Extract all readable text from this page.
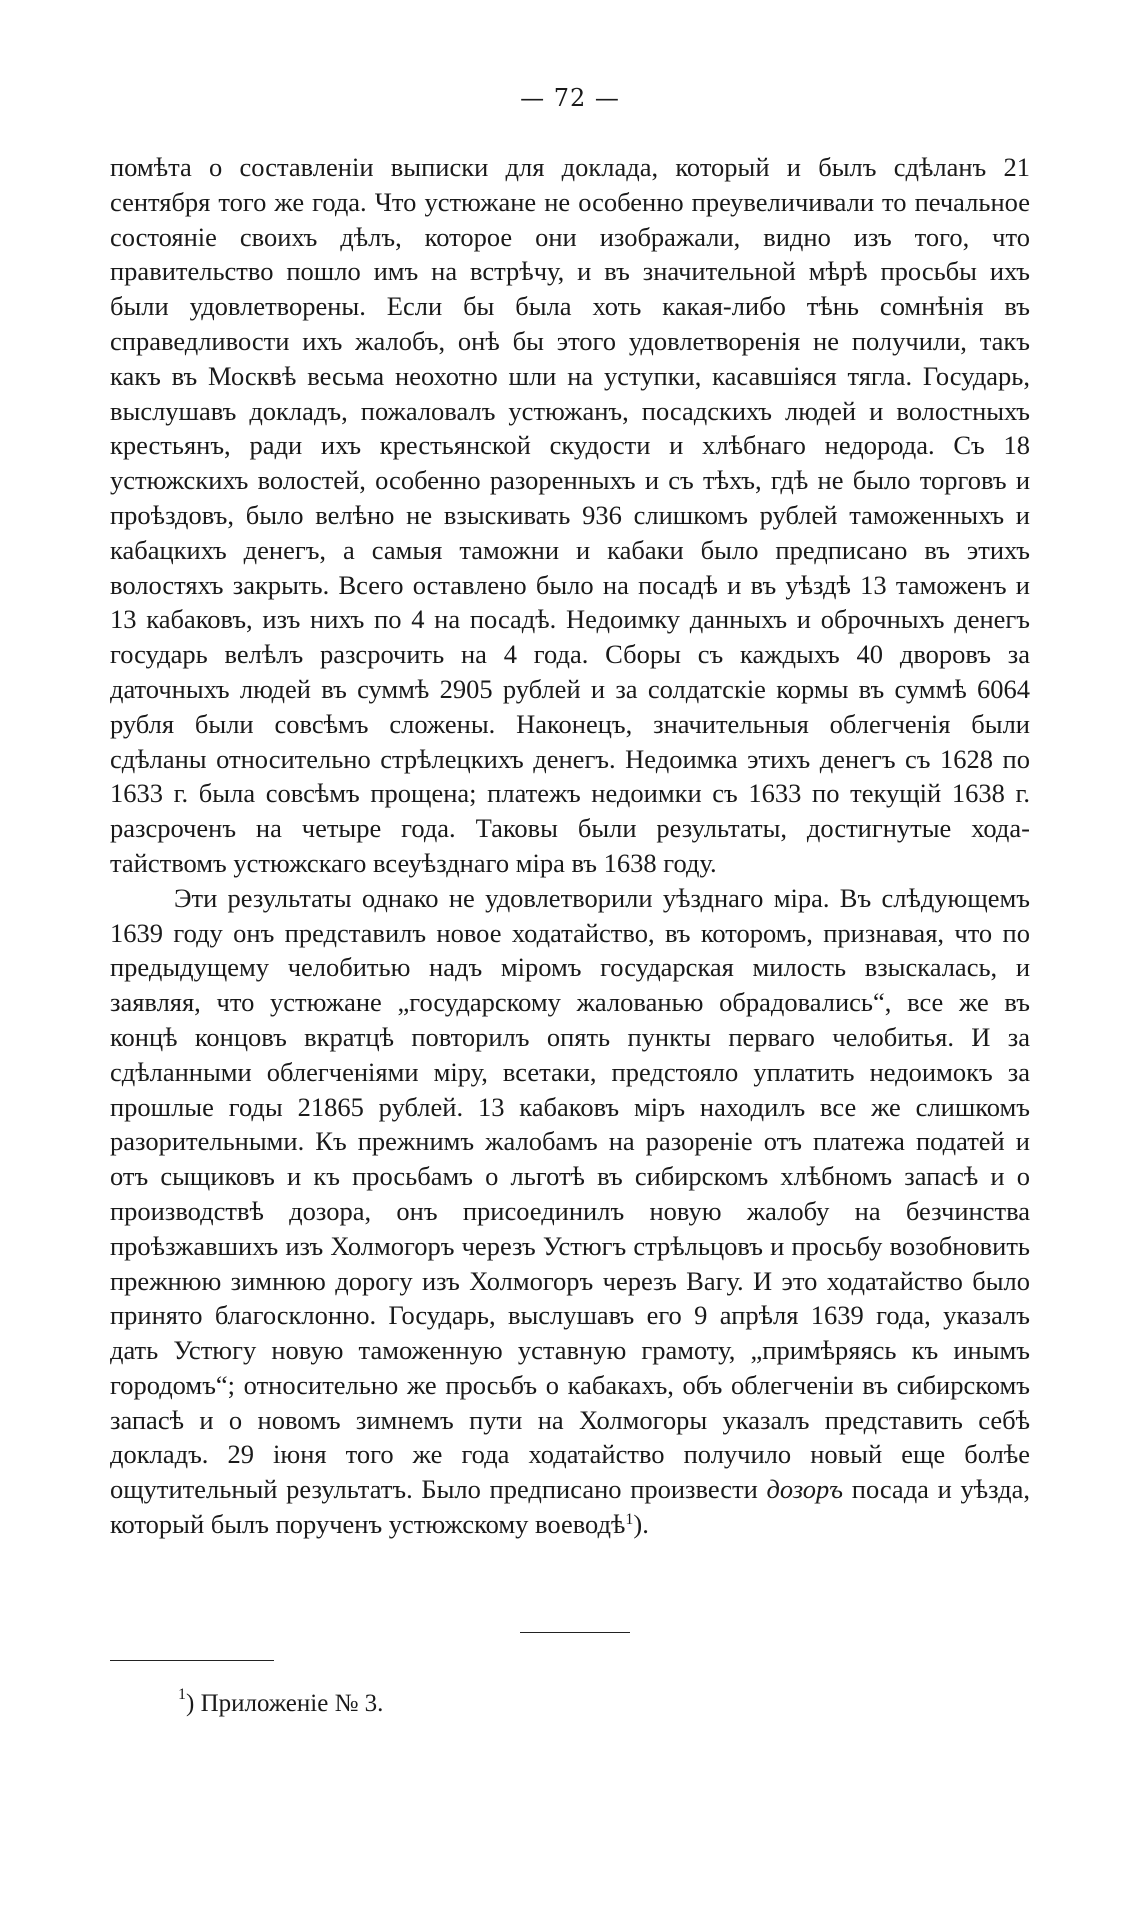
— 72 —

помѣта о составленіи выписки для доклада, который и былъ сдѣланъ 21 сентября того же года. Что устюжане не особенно преувеличивали то печальное состояніе своихъ дѣлъ, которое они изображали, видно изъ того, что правительство пошло имъ на встрѣчу, и въ значительной мѣрѣ просьбы ихъ были удовлетворены. Если бы была хоть какая-либо тѣнь сомнѣнія въ справедливости ихъ жалобъ, онѣ бы этого удовлетворенія не получили, такъ какъ въ Москвѣ весьма неохотно шли на уступки, касавшіяся тягла. Государь, выслушавъ докладъ, пожаловалъ устюжанъ, посадскихъ людей и волостныхъ крестьянъ, ради ихъ крестьянской скудости и хлѣбнаго недорода. Съ 18 устюжскихъ волостей, особенно разоренныхъ и съ тѣхъ, гдѣ не было торговъ и проѣздовъ, было велѣно не взыскивать 936 слишкомъ рублей таможенныхъ и кабацкихъ денегъ, а самыя таможни и кабаки было предписано въ этихъ волостяхъ закрыть. Всего оставлено было на посадѣ и въ уѣздѣ 13 таможенъ и 13 кабаковъ, изъ нихъ по 4 на посадѣ. Недоимку данныхъ и оброчныхъ денегъ государь велѣлъ разсрочить на 4 года. Сборы съ каждыхъ 40 дворовъ за даточныхъ людей въ суммѣ 2905 рублей и за солдатскіе кормы въ суммѣ 6064 рубля были совсѣмъ сложены. Наконецъ, значительныя облегченія были сдѣланы относительно стрѣлецкихъ денегъ. Недоимка этихъ денегъ съ 1628 по 1633 г. была совсѣмъ прощена; платежъ недоимки съ 1633 по текущій 1638 г. разсроченъ на четыре года. Таковы были результаты, достигнутые ходатайствомъ устюжскаго всеуѣзднаго міра въ 1638 году.

Эти результаты однако не удовлетворили уѣзднаго міра. Въ слѣдующемъ 1639 году онъ представилъ новое ходатайство, въ которомъ, признавая, что по предыдущему челобитью надъ міромъ государская милость взыскалась, и заявляя, что устюжане „государскому жалованью обрадовались“, все же въ концѣ концовъ вкратцѣ повторилъ опять пункты перваго челобитья. И за сдѣланными облегченіями міру, всетаки, предстояло уплатить недоимокъ за прошлые годы 21865 рублей. 13 кабаковъ міръ находилъ все же слишкомъ разорительными. Къ прежнимъ жалобамъ на разореніе отъ платежа податей и отъ сыщиковъ и къ просьбамъ о льготѣ въ сибирскомъ хлѣбномъ запасѣ и о производствѣ дозора, онъ присоединилъ новую жалобу на безчинства проѣзжавшихъ изъ Холмогоръ черезъ Устюгъ стрѣльцовъ и просьбу возобновить прежнюю зимнюю дорогу изъ Холмогоръ черезъ Вагу. И это ходатайство было принято благосклонно. Государь, выслушавъ его 9 апрѣля 1639 года, указалъ дать Устюгу новую таможенную уставную грамоту, „примѣряясь къ инымъ городомъ“; относительно же просьбъ о кабакахъ, объ облегченіи въ сибирскомъ запасѣ и о новомъ зимнемъ пути на Холмогоры указалъ представить себѣ докладъ. 29 іюня того же года ходатайство получило новый еще болѣе ощутительный результатъ. Было предписано произвести дозоръ посада и уѣзда, который былъ порученъ устюжскому воеводѣ$^1$).

$^1$) Приложеніе № 3.
